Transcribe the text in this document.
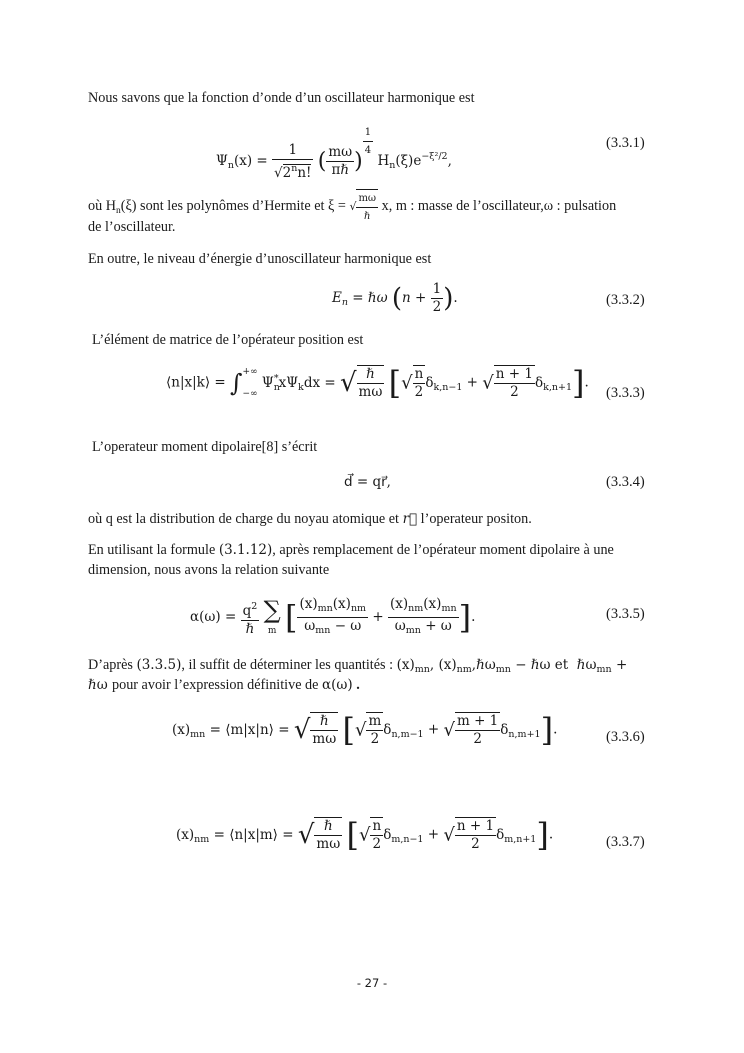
Nous savons que la fonction d’onde d’un oscillateur harmonique est
$\Psi_n(x) = \frac{1}{√2^nn!}$ ( $\frac{m\omega}{\text{πℏ}}$ )
$\frac{1}{4}$
$H_n(\xi)e^{-\xi^2/2}$,
(3.3.1)
où $H_n(\xi)$ sont les polynômes d’Hermite et ξ = √ $\frac{m\omega}{\text{ℏ}} x$, m : masse de l’oscillateur,ω : pulsation
de l’oscillateur.
En outre, le niveau d’énergie d’unoscillateur harmonique est
$E_n$ = ℏω ($n + \frac{1}{2}$ ).	(3.3.2)
L’élément de matrice de l’opérateur position est
⟨n|x|k⟩ = ∫ +∞
−∞
$\Psi_n^*x\Psi_kdx$ = √ $\frac{\text{ℏ}}{m\omega}$ [√ $\frac{n}{2} \delta_{k,n-1}$ + √ $\frac{n + 1}{2} \delta_{k,n+1}$].
(3.3.3)
L’operateur moment dipolaire[8] s’écrit
d⃗ = qr⃗,	(3.3.4)
où q est la distribution de charge du noyau atomique et r⃗ l’operateur positon.
En utilisant la formule (3.1.12), après remplacement de l’opérateur moment dipolaire à une
dimension, nous avons la relation suivante
$\alpha(\omega) = \frac{q^2}{\text{ℏ}}$
∑
m [ $\frac{(x)_{mn}(x)_{nm}}{\omega_{mn} - \omega} + \frac{(x)_{nm}(x)_{mn}}{\omega_{mn} + \omega}$ ].	(3.3.5)
D’après (3.3.5), il suffit de déterminer les quantités : $(x)_{mn}$, $(x)_{nm},\hbar\omega_{mn}$ − ℏω et  ℏω$_{mn}$ +
ℏω pour avoir l’expression définitive de α(ω) .
$(x)_{mn}$ = ⟨m|x|n⟩ = √ $\frac{\text{ℏ}}{m\omega}$ [√ $\frac{m}{2} \delta_{n,m-1}$ + √ $\frac{m + 1}{2} \delta_{n,m+1}$].	(3.3.6)
$(x)_{nm}$ = ⟨n|x|m⟩ = √ $\frac{\text{ℏ}}{m\omega}$ [√ $\frac{n}{2} \delta_{m,n-1}$ + √ $\frac{n + 1}{2} \delta_{m,n+1}$].	(3.3.7)
- 27 -
